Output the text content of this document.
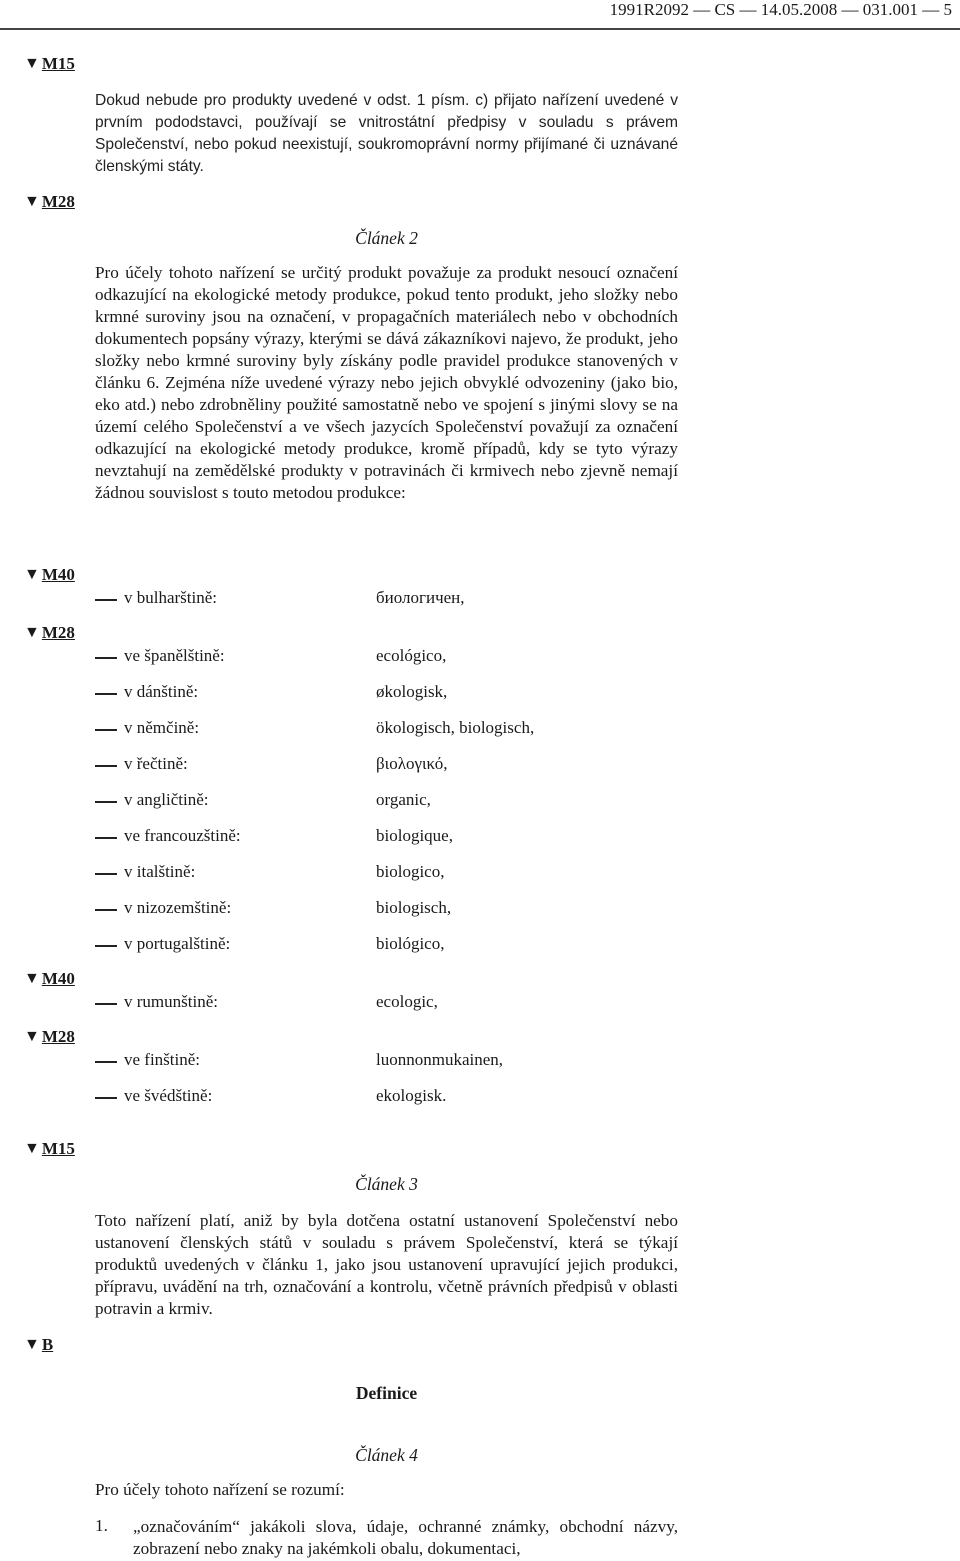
1991R2092 — CS — 14.05.2008 — 031.001 — 5
▼ M15
▼ M28
▼ M40
▼ M28
▼ M40
▼ M28
▼ M15
▼ B
Dokud nebude pro produkty uvedené v odst. 1 písm. c) přijato nařízení uvedené v prvním pododstavci, používají se vnitrostátní předpisy v souladu s právem Společenství, nebo pokud neexistují, soukromoprávní normy přijímané či uznávané členskými státy.
Článek 2
Pro účely tohoto nařízení se určitý produkt považuje za produkt nesoucí označení odkazující na ekologické metody produkce, pokud tento produkt, jeho složky nebo krmné suroviny jsou na označení, v propagačních materiálech nebo v obchodních dokumentech popsány výrazy, kterými se dává zákazníkovi najevo, že produkt, jeho složky nebo krmné suroviny byly získány podle pravidel produkce stanovených v článku 6. Zejména níže uvedené výrazy nebo jejich obvyklé odvozeniny (jako bio, eko atd.) nebo zdrobněliny použité samostatně nebo ve spojení s jinými slovy se na území celého Společenství a ve všech jazycích Společenství považují za označení odkazující na ekologické metody produkce, kromě případů, kdy se tyto výrazy nevztahují na zemědělské produkty v potravinách či krmivech nebo zjevně nemají žádnou souvislost s touto metodou produkce:
v bulharštině:	биологичен,
ve španělštině:	ecológico,
v dánštině:	økologisk,
v němčině:	ökologisch, biologisch,
v řečtině:	βιολογικό,
v angličtině:	organic,
ve francouzštině:	biologique,
v italštině:	biologico,
v nizozemštině:	biologisch,
v portugalštině:	biológico,
v rumunštině:	ecologic,
ve finštině:	luonnonmukainen,
ve švédštině:	ekologisk.
Článek 3
Toto nařízení platí, aniž by byla dotčena ostatní ustanovení Společenství nebo ustanovení členských států v souladu s právem Společenství, která se týkají produktů uvedených v článku 1, jako jsou ustanovení upravující jejich produkci, přípravu, uvádění na trh, označování a kontrolu, včetně právních předpisů v oblasti potravin a krmiv.
Definice
Článek 4
Pro účely tohoto nařízení se rozumí:
1. „označováním“ jakákoli slova, údaje, ochranné známky, obchodní názvy, zobrazení nebo znaky na jakémkoli obalu, dokumentaci,
